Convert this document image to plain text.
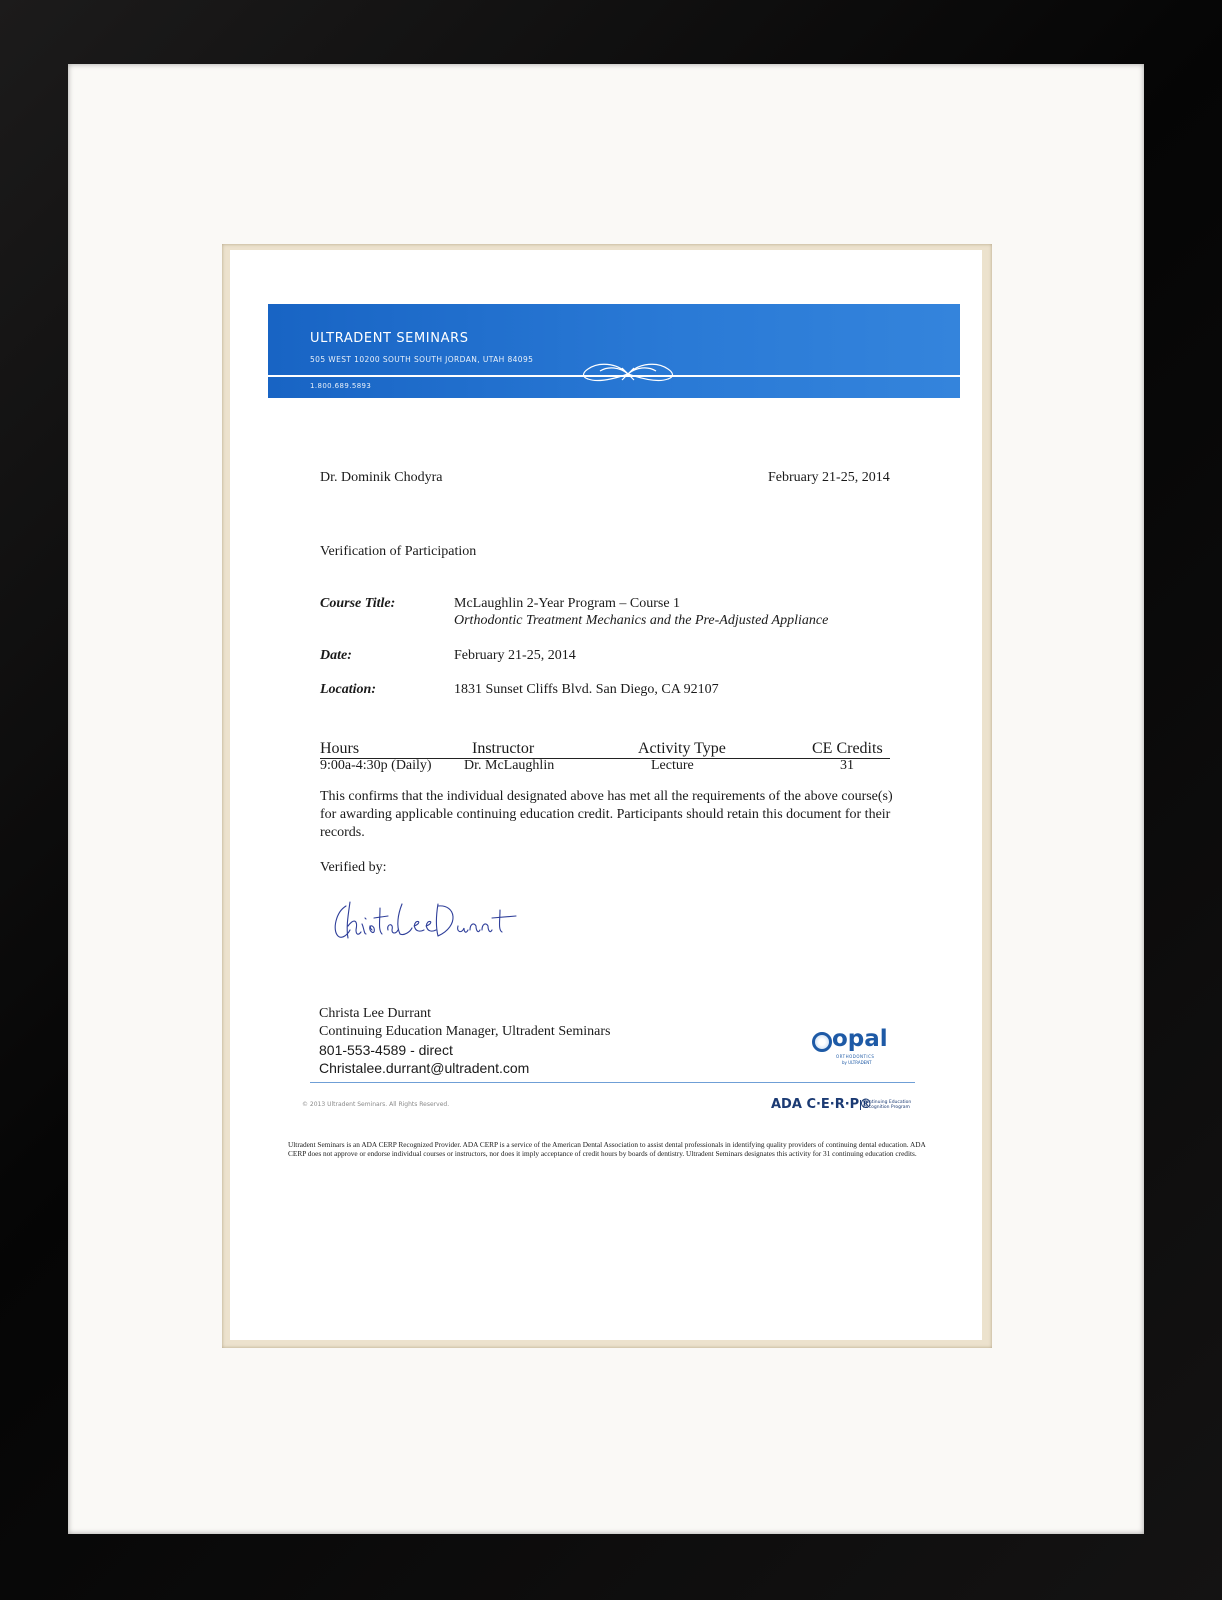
ULTRADENT SEMINARS
505 WEST 10200 SOUTH SOUTH JORDAN, UTAH 84095
1.800.689.5893
Dr. Dominik Chodyra	February 21-25, 2014
Verification of Participation
Course Title:	McLaughlin 2-Year Program – Course 1
Orthodontic Treatment Mechanics and the Pre-Adjusted Appliance
Date:	February 21-25, 2014
Location:	1831 Sunset Cliffs Blvd. San Diego, CA 92107
Hours	Instructor	Activity Type	CE Credits
9:00a-4:30p (Daily) Dr. McLaughlin	Lecture	31
This confirms that the individual designated above has met all the requirements of the above course(s) for awarding applicable continuing education credit. Participants should retain this document for their records.
Verified by:
Christa Lee Durrant
Continuing Education Manager, Ultradent Seminars
801-553-4589 - direct
Christalee.durrant@ultradent.com
opal
ORTHODONTICS
by ULTRADENT
© 2013 Ultradent Seminars. All Rights Reserved.	ADA C·E·R·P®
Continuing Education Recognition Program
Ultradent Seminars is an ADA CERP Recognized Provider. ADA CERP is a service of the American Dental Association to assist dental professionals in identifying quality providers of continuing dental education. ADA CERP does not approve or endorse individual courses or instructors, nor does it imply acceptance of credit hours by boards of dentistry. Ultradent Seminars designates this activity for 31 continuing education credits.
